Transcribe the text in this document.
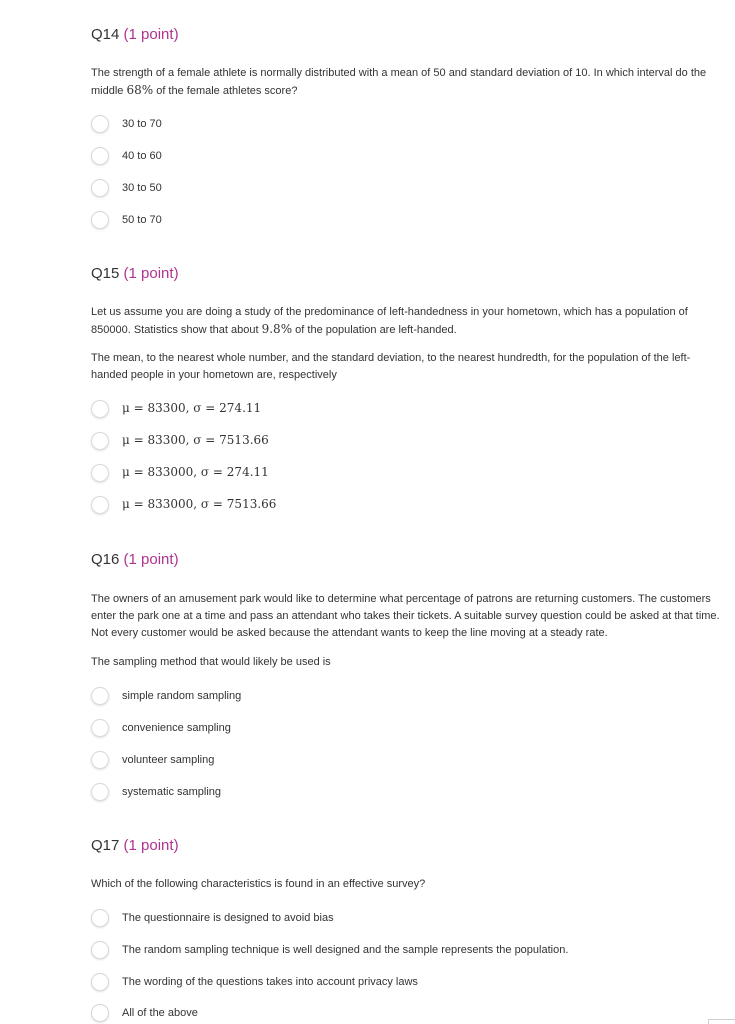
Q14 (1 point)
The strength of a female athlete is normally distributed with a mean of 50 and standard deviation of 10. In which interval do the middle 68% of the female athletes score?
30 to 70
40 to 60
30 to 50
50 to 70
Q15 (1 point)
Let us assume you are doing a study of the predominance of left-handedness in your hometown, which has a population of 850000. Statistics show that about 9.8% of the population are left-handed.
The mean, to the nearest whole number, and the standard deviation, to the nearest hundredth, for the population of the left-handed people in your hometown are, respectively
μ = 83300, σ = 274.11
μ = 83300, σ = 7513.66
μ = 833000, σ = 274.11
μ = 833000, σ = 7513.66
Q16 (1 point)
The owners of an amusement park would like to determine what percentage of patrons are returning customers. The customers enter the park one at a time and pass an attendant who takes their tickets. A suitable survey question could be asked at that time. Not every customer would be asked because the attendant wants to keep the line moving at a steady rate.
The sampling method that would likely be used is
simple random sampling
convenience sampling
volunteer sampling
systematic sampling
Q17 (1 point)
Which of the following characteristics is found in an effective survey?
The questionnaire is designed to avoid bias
The random sampling technique is well designed and the sample represents the population.
The wording of the questions takes into account privacy laws
All of the above
